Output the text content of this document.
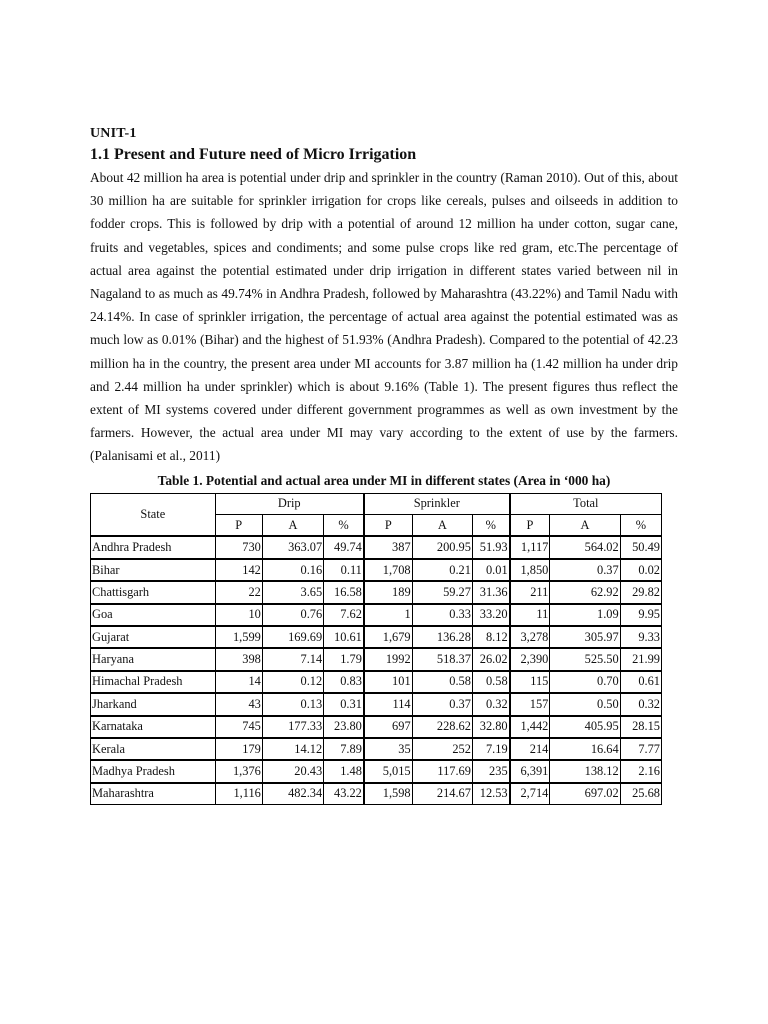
UNIT-1
1.1 Present and Future need of Micro Irrigation

About 42 million ha area is potential under drip and sprinkler in the country (Raman 2010). Out of this, about 30 million ha are suitable for sprinkler irrigation for crops like cereals, pulses and oilseeds in addition to fodder crops. This is followed by drip with a potential of around 12 million ha under cotton, sugar cane, fruits and vegetables, spices and condiments; and some pulse crops like red gram, etc.The percentage of actual area against the potential estimated under drip irrigation in different states varied between nil in Nagaland to as much as 49.74% in Andhra Pradesh, followed by Maharashtra (43.22%) and Tamil Nadu with 24.14%. In case of sprinkler irrigation, the percentage of actual area against the potential estimated was as much low as 0.01% (Bihar) and the highest of 51.93% (Andhra Pradesh). Compared to the potential of 42.23 million ha in the country, the present area under MI accounts for 3.87 million ha (1.42 million ha under drip and 2.44 million ha under sprinkler) which is about 9.16% (Table 1). The present figures thus reflect the extent of MI systems covered under different government programmes as well as own investment by the farmers. However, the actual area under MI may vary according to the extent of use by the farmers. (Palanisami et al., 2011)

Table 1. Potential and actual area under MI in different states (Area in ‘000 ha)
State	Drip			Sprinkler			Total		
	P	A	%	P	A	%	P	A	%
Andhra Pradesh	730	363.07	49.74	387	200.95	51.93	1,117	564.02	50.49
Bihar	142	0.16	0.11	1,708	0.21	0.01	1,850	0.37	0.02
Chattisgarh	22	3.65	16.58	189	59.27	31.36	211	62.92	29.82
Goa	10	0.76	7.62	1	0.33	33.20	11	1.09	9.95
Gujarat	1,599	169.69	10.61	1,679	136.28	8.12	3,278	305.97	9.33
Haryana	398	7.14	1.79	1992	518.37	26.02	2,390	525.50	21.99
Himachal Pradesh	14	0.12	0.83	101	0.58	0.58	115	0.70	0.61
Jharkand	43	0.13	0.31	114	0.37	0.32	157	0.50	0.32
Karnataka	745	177.33	23.80	697	228.62	32.80	1,442	405.95	28.15
Kerala	179	14.12	7.89	35	252	7.19	214	16.64	7.77
Madhya Pradesh	1,376	20.43	1.48	5,015	117.69	235	6,391	138.12	2.16
Maharashtra	1,116	482.34	43.22	1,598	214.67	12.53	2,714	697.02	25.68
